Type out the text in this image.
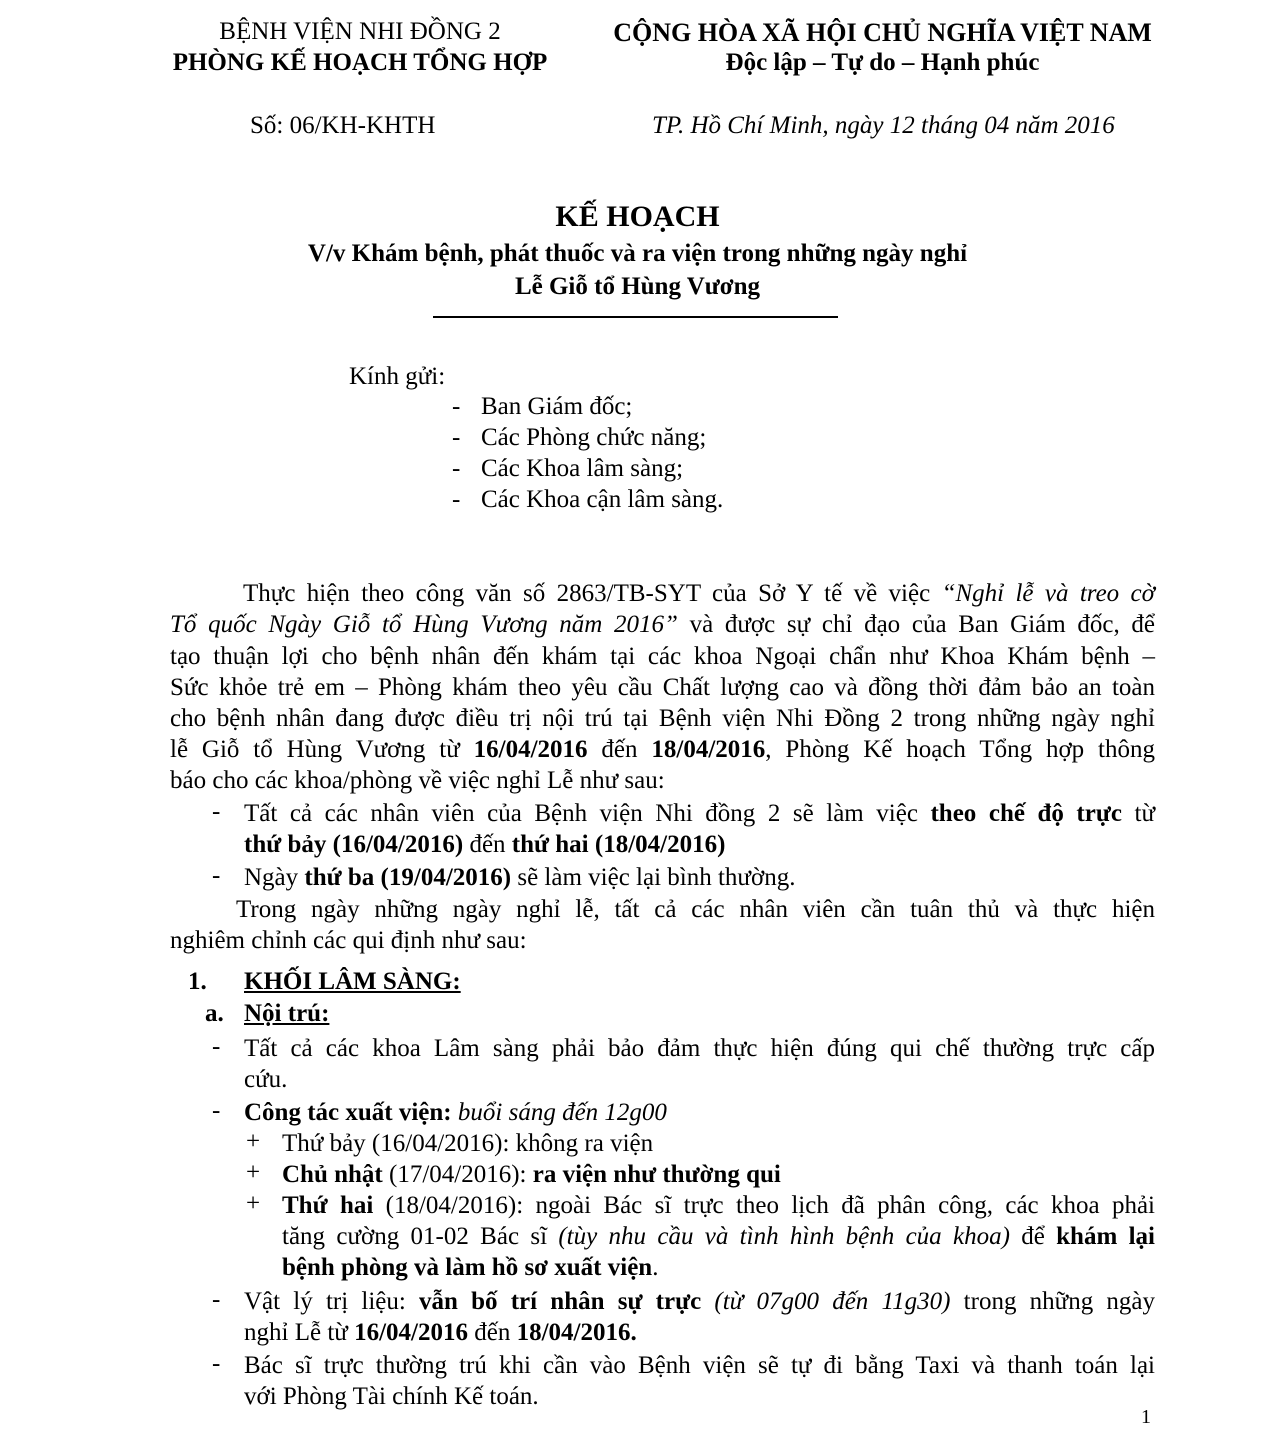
BỆNH VIỆN NHI ĐỒNG 2
PHÒNG KẾ HOẠCH TỔNG HỢP
CỘNG HÒA XÃ HỘI CHỦ NGHĨA VIỆT NAM
Độc lập – Tự do – Hạnh phúc
Số: 06/KH-KHTH	TP. Hồ Chí Minh, ngày 12 tháng 04 năm 2016
KẾ HOẠCH
V/v Khám bệnh, phát thuốc và ra viện trong những ngày nghỉ
Lễ Giỗ tổ Hùng Vương
Kính gửi:
- Ban Giám đốc;
- Các Phòng chức năng;
- Các Khoa lâm sàng;
- Các Khoa cận lâm sàng.
Thực hiện theo công văn số 2863/TB-SYT của Sở Y tế về việc “Nghỉ lễ và treo cờ
Tổ quốc Ngày Giỗ tổ Hùng Vương năm 2016” và được sự chỉ đạo của Ban Giám đốc, để
tạo thuận lợi cho bệnh nhân đến khám tại các khoa Ngoại chẩn như Khoa Khám bệnh –
Sức khỏe trẻ em – Phòng khám theo yêu cầu Chất lượng cao và đồng thời đảm bảo an toàn
cho bệnh nhân đang được điều trị nội trú tại Bệnh viện Nhi Đồng 2 trong những ngày nghỉ
lễ Giỗ tổ Hùng Vương từ 16/04/2016 đến 18/04/2016, Phòng Kế hoạch Tổng hợp thông
báo cho các khoa/phòng về việc nghỉ Lễ như sau:
- Tất cả các nhân viên của Bệnh viện Nhi đồng 2 sẽ làm việc theo chế độ trực từ
thứ bảy (16/04/2016) đến thứ hai (18/04/2016)
- Ngày thứ ba (19/04/2016) sẽ làm việc lại bình thường.
Trong ngày những ngày nghỉ lễ, tất cả các nhân viên cần tuân thủ và thực hiện
nghiêm chỉnh các qui định như sau:
1. KHỐI LÂM SÀNG:
a. Nội trú:
- Tất cả các khoa Lâm sàng phải bảo đảm thực hiện đúng qui chế thường trực cấp
cứu.
- Công tác xuất viện: buổi sáng đến 12g00
+ Thứ bảy (16/04/2016): không ra viện
+ Chủ nhật (17/04/2016): ra viện như thường qui
+ Thứ hai (18/04/2016): ngoài Bác sĩ trực theo lịch đã phân công, các khoa phải
tăng cường 01-02 Bác sĩ (tùy nhu cầu và tình hình bệnh của khoa) để khám lại
bệnh phòng và làm hồ sơ xuất viện.
- Vật lý trị liệu: vẫn bố trí nhân sự trực (từ 07g00 đến 11g30) trong những ngày
nghỉ Lễ từ 16/04/2016 đến 18/04/2016.
- Bác sĩ trực thường trú khi cần vào Bệnh viện sẽ tự đi bằng Taxi và thanh toán lại
với Phòng Tài chính Kế toán.
1
